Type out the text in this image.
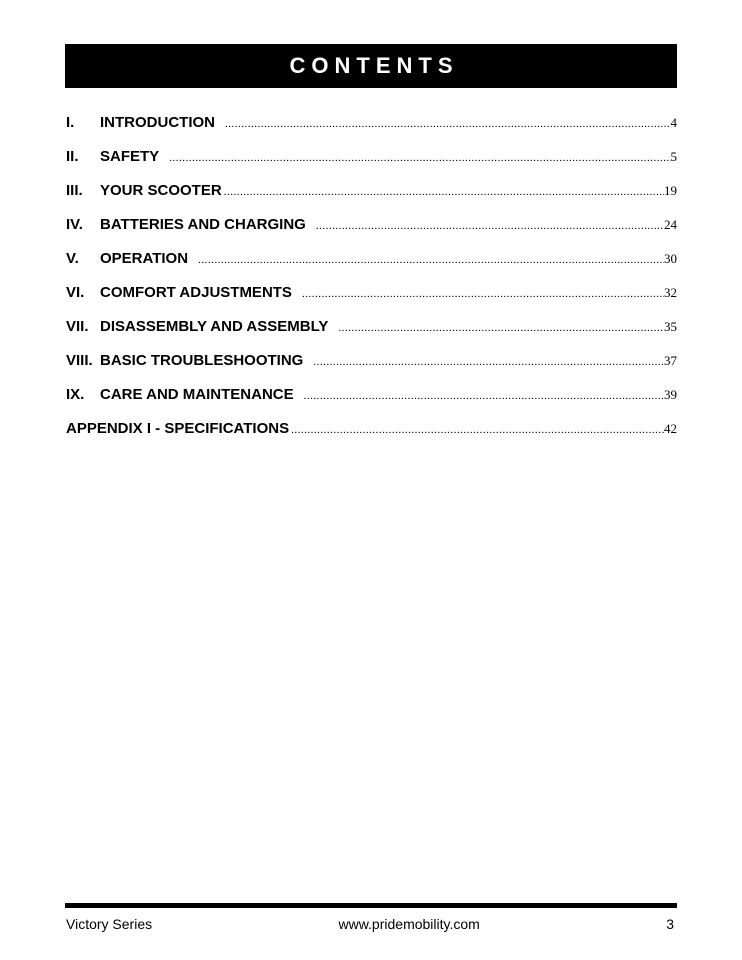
CONTENTS
I.	INTRODUCTION .....	4
II.	SAFETY .....	5
III.	YOUR SCOOTER .....	19
IV.	BATTERIES AND CHARGING .....	24
V.	OPERATION .....	30
VI.	COMFORT ADJUSTMENTS .....	32
VII. DISASSEMBLY AND ASSEMBLY .....	35
VIII. BASIC TROUBLESHOOTING .....	37
IX.	CARE AND MAINTENANCE .....	39
APPENDIX I - SPECIFICATIONS .....	42
Victory Series	www.pridemobility.com	3
